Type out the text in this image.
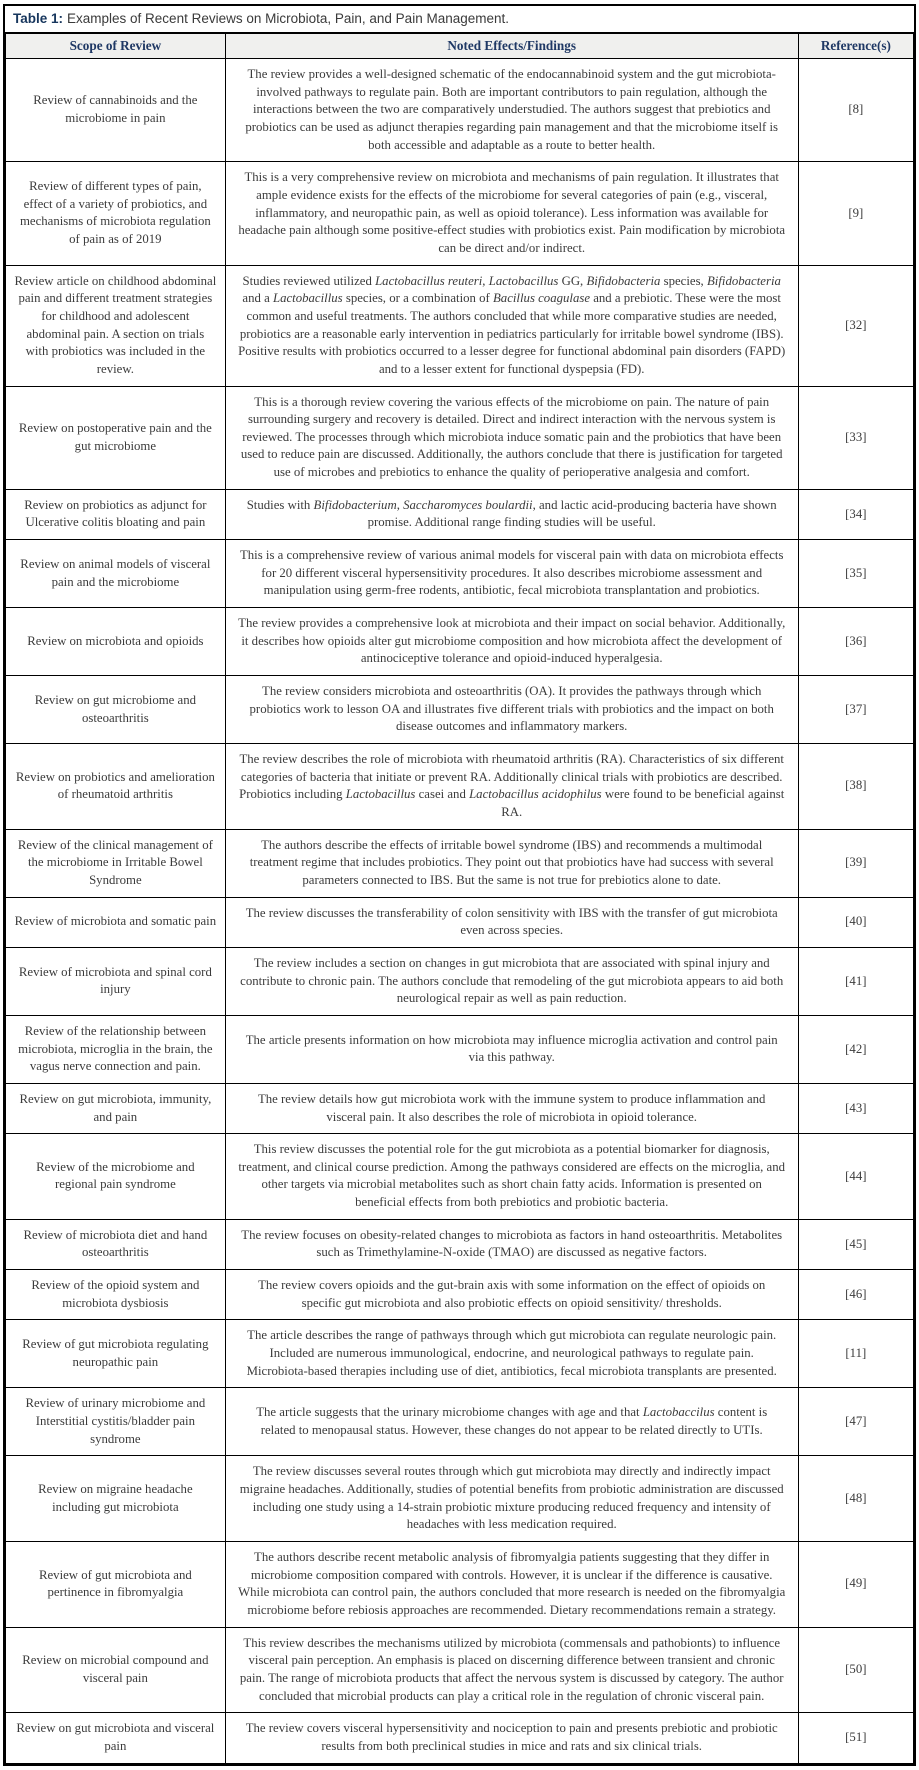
Table 1: Examples of Recent Reviews on Microbiota, Pain, and Pain Management.
Scope of Review	Noted Effects/Findings	Reference(s)
Review of cannabinoids and the microbiome in pain	The review provides a well-designed schematic of the endocannabinoid system and the gut microbiota-involved pathways to regulate pain. Both are important contributors to pain regulation, although the interactions between the two are comparatively understudied. The authors suggest that prebiotics and probiotics can be used as adjunct therapies regarding pain management and that the microbiome itself is both accessible and adaptable as a route to better health.	[8]
Review of different types of pain, effect of a variety of probiotics, and mechanisms of microbiota regulation of pain as of 2019	This is a very comprehensive review on microbiota and mechanisms of pain regulation. It illustrates that ample evidence exists for the effects of the microbiome for several categories of pain (e.g., visceral, inflammatory, and neuropathic pain, as well as opioid tolerance). Less information was available for headache pain although some positive-effect studies with probiotics exist. Pain modification by microbiota can be direct and/or indirect.	[9]
Review article on childhood abdominal pain and different treatment strategies for childhood and adolescent abdominal pain. A section on trials with probiotics was included in the review.	Studies reviewed utilized Lactobacillus reuteri, Lactobacillus GG, Bifidobacteria species, Bifidobacteria and a Lactobacillus species, or a combination of Bacillus coagulase and a prebiotic. These were the most common and useful treatments. The authors concluded that while more comparative studies are needed, probiotics are a reasonable early intervention in pediatrics particularly for irritable bowel syndrome (IBS). Positive results with probiotics occurred to a lesser degree for functional abdominal pain disorders (FAPD) and to a lesser extent for functional dyspepsia (FD).	[32]
Review on postoperative pain and the gut microbiome	This is a thorough review covering the various effects of the microbiome on pain. The nature of pain surrounding surgery and recovery is detailed. Direct and indirect interaction with the nervous system is reviewed. The processes through which microbiota induce somatic pain and the probiotics that have been used to reduce pain are discussed. Additionally, the authors conclude that there is justification for targeted use of microbes and prebiotics to enhance the quality of perioperative analgesia and comfort.	[33]
Review on probiotics as adjunct for Ulcerative colitis bloating and pain	Studies with Bifidobacterium, Saccharomyces boulardii, and lactic acid-producing bacteria have shown promise. Additional range finding studies will be useful.	[34]
Review on animal models of visceral pain and the microbiome	This is a comprehensive review of various animal models for visceral pain with data on microbiota effects for 20 different visceral hypersensitivity procedures. It also describes microbiome assessment and manipulation using germ-free rodents, antibiotic, fecal microbiota transplantation and probiotics.	[35]
Review on microbiota and opioids	The review provides a comprehensive look at microbiota and their impact on social behavior. Additionally, it describes how opioids alter gut microbiome composition and how microbiota affect the development of antinociceptive tolerance and opioid-induced hyperalgesia.	[36]
Review on gut microbiome and osteoarthritis	The review considers microbiota and osteoarthritis (OA). It provides the pathways through which probiotics work to lesson OA and illustrates five different trials with probiotics and the impact on both disease outcomes and inflammatory markers.	[37]
Review on probiotics and amelioration of rheumatoid arthritis	The review describes the role of microbiota with rheumatoid arthritis (RA). Characteristics of six different categories of bacteria that initiate or prevent RA. Additionally clinical trials with probiotics are described. Probiotics including Lactobacillus casei and Lactobacillus acidophilus were found to be beneficial against RA.	[38]
Review of the clinical management of the microbiome in Irritable Bowel Syndrome	The authors describe the effects of irritable bowel syndrome (IBS) and recommends a multimodal treatment regime that includes probiotics. They point out that probiotics have had success with several parameters connected to IBS. But the same is not true for prebiotics alone to date.	[39]
Review of microbiota and somatic pain	The review discusses the transferability of colon sensitivity with IBS with the transfer of gut microbiota even across species.	[40]
Review of microbiota and spinal cord injury	The review includes a section on changes in gut microbiota that are associated with spinal injury and contribute to chronic pain. The authors conclude that remodeling of the gut microbiota appears to aid both neurological repair as well as pain reduction.	[41]
Review of the relationship between microbiota, microglia in the brain, the vagus nerve connection and pain.	The article presents information on how microbiota may influence microglia activation and control pain via this pathway.	[42]
Review on gut microbiota, immunity, and pain	The review details how gut microbiota work with the immune system to produce inflammation and visceral pain. It also describes the role of microbiota in opioid tolerance.	[43]
Review of the microbiome and regional pain syndrome	This review discusses the potential role for the gut microbiota as a potential biomarker for diagnosis, treatment, and clinical course prediction. Among the pathways considered are effects on the microglia, and other targets via microbial metabolites such as short chain fatty acids. Information is presented on beneficial effects from both prebiotics and probiotic bacteria.	[44]
Review of microbiota diet and hand osteoarthritis	The review focuses on obesity-related changes to microbiota as factors in hand osteoarthritis. Metabolites such as Trimethylamine-N-oxide (TMAO) are discussed as negative factors.	[45]
Review of the opioid system and microbiota dysbiosis	The review covers opioids and the gut-brain axis with some information on the effect of opioids on specific gut microbiota and also probiotic effects on opioid sensitivity/ thresholds.	[46]
Review of gut microbiota regulating neuropathic pain	The article describes the range of pathways through which gut microbiota can regulate neurologic pain. Included are numerous immunological, endocrine, and neurological pathways to regulate pain. Microbiota-based therapies including use of diet, antibiotics, fecal microbiota transplants are presented.	[11]
Review of urinary microbiome and Interstitial cystitis/bladder pain syndrome	The article suggests that the urinary microbiome changes with age and that Lactobaccilus content is related to menopausal status. However, these changes do not appear to be related directly to UTIs.	[47]
Review on migraine headache including gut microbiota	The review discusses several routes through which gut microbiota may directly and indirectly impact migraine headaches. Additionally, studies of potential benefits from probiotic administration are discussed including one study using a 14-strain probiotic mixture producing reduced frequency and intensity of headaches with less medication required.	[48]
Review of gut microbiota and pertinence in fibromyalgia	The authors describe recent metabolic analysis of fibromyalgia patients suggesting that they differ in microbiome composition compared with controls. However, it is unclear if the difference is causative. While microbiota can control pain, the authors concluded that more research is needed on the fibromyalgia microbiome before rebiosis approaches are recommended. Dietary recommendations remain a strategy.	[49]
Review on microbial compound and visceral pain	This review describes the mechanisms utilized by microbiota (commensals and pathobionts) to influence visceral pain perception. An emphasis is placed on discerning difference between transient and chronic pain. The range of microbiota products that affect the nervous system is discussed by category. The author concluded that microbial products can play a critical role in the regulation of chronic visceral pain.	[50]
Review on gut microbiota and visceral pain	The review covers visceral hypersensitivity and nociception to pain and presents prebiotic and probiotic results from both preclinical studies in mice and rats and six clinical trials.	[51]
